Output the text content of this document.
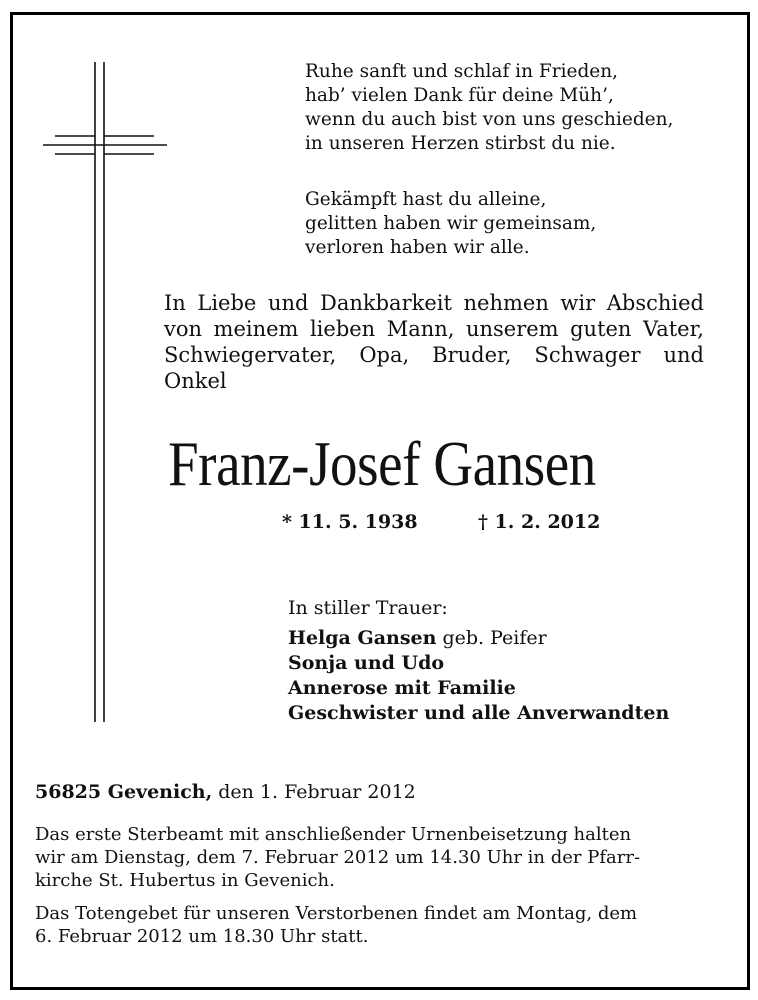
Ruhe sanft und schlaf in Frieden,
hab’ vielen Dank für deine Müh’,
wenn du auch bist von uns geschieden,
in unseren Herzen stirbst du nie.
Gekämpft hast du alleine,
gelitten haben wir gemeinsam,
verloren haben wir alle.
In Liebe und Dankbarkeit nehmen wir Abschied
von meinem lieben Mann, unserem guten Vater,
Schwiegervater, Opa, Bruder, Schwager und
Onkel
Franz-Josef Gansen
* 11. 5. 1938	† 1. 2. 2012
In stiller Trauer:
Helga Gansen geb. Peifer
Sonja und Udo
Annerose mit Familie
Geschwister und alle Anverwandten
56825 Gevenich, den 1. Februar 2012
Das erste Sterbeamt mit anschließender Urnenbeisetzung halten
wir am Dienstag, dem 7. Februar 2012 um 14.30 Uhr in der Pfarr-
kirche St. Hubertus in Gevenich.
Das Totengebet für unseren Verstorbenen findet am Montag, dem
6. Februar 2012 um 18.30 Uhr statt.
